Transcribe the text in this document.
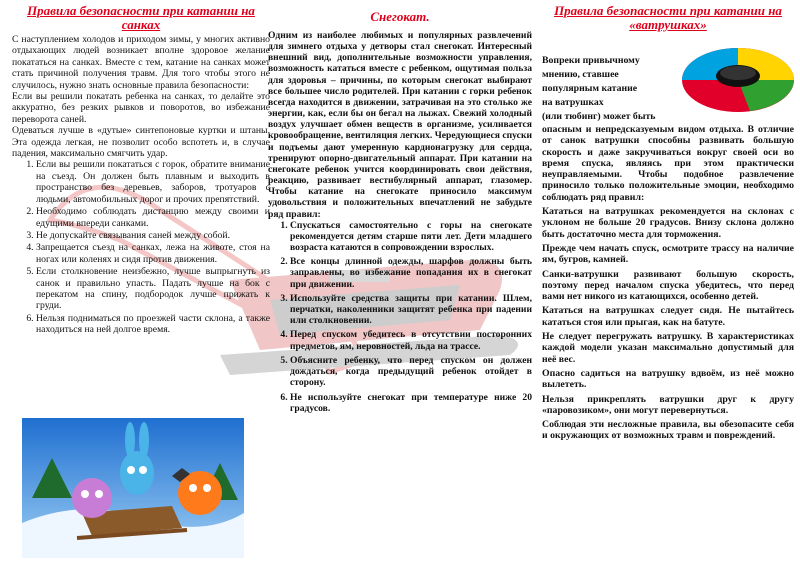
Правила безопасности при катании на санках

С наступлением холодов и приходом зимы, у многих активно отдыхающих людей возникает вполне здоровое желание покататься на санках. Вместе с тем, катание на санках может стать причиной получения травм. Для того чтобы этого не случилось, нужно знать основные правила безопасности:

Если вы решили покатать ребенка на санках, то делайте это аккуратно, без резких рывков и поворотов, во избежание переворота саней.

Одеваться лучше в «дутые» синтепоновые куртки и штаны. Эта одежда легкая, не позволит особо вспотеть и, в случае падения, максимально смягчить удар.

1. Если вы решили покататься с горок, обратите внимание на съезд. Он должен быть плавным и выходить в пространство без деревьев, заборов, тротуаров с людьми, автомобильных дорог и прочих препятствий.
2. Необходимо соблюдать дистанцию между своими и едущими впереди санками.
3. Не допускайте связывания саней между собой.
4. Запрещается съезд на санках, лежа на животе, стоя на ногах или коленях и сидя против движения.
5. Если столкновение неизбежно, лучше выпрыгнуть из санок и правильно упасть. Падать лучше на бок с перекатом на спину, подбородок лучше прижать к груди.
6. Нельзя подниматься по проезжей части склона, а также находиться на ней долгое время.
Снегокат.

Одним из наиболее любимых и популярных развлечений для зимнего отдыха у детворы стал снегокат. Интересный внешний вид, дополнительные возможности управления, возможность кататься вместе с ребенком, ощутимая польза для здоровья – причины, по которым снегокат выбирают все большее число родителей. При катании с горки ребенок всегда находится в движении, затрачивая на это столько же энергии, как, если бы он бегал на лыжах. Свежий холодный воздух улучшает обмен веществ в организме, усиливается кровообращение, вентиляция легких. Чередующиеся спуски и подъемы дают умеренную кардионагрузку для сердца, тренируют опорно-двигательный аппарат. При катании на снегокате ребенок учится координировать свои действия, реакцию, развивает вестибулярный аппарат, глазомер. Чтобы катание на снегокате приносило максимум удовольствия и положительных впечатлений не забудьте ряд правил:

1. Спускаться самостоятельно с горы на снегокате рекомендуется детям старше пяти лет. Дети младшего возраста катаются в сопровождении взрослых.
2. Все концы длинной одежды, шарфов должны быть заправлены, во избежание попадания их в снегокат при движении.
3. Используйте средства защиты при катании. Шлем, перчатки, наколенники защитят ребенка при падении или столкновении.
4. Перед спуском убедитесь в отсутствии посторонних предметов, ям, неровностей, льда на трассе.
5. Объясните ребенку, что перед спуском он должен дождаться, когда предыдущий ребенок отойдет в сторону.
6. Не используйте снегокат при температуре ниже 20 градусов.
Правила безопасности при катании на «ватрушках»
Вопреки привычному
мнению, ставшее
популярным катание
на ватрушках
(или тюбинг) может быть

опасным и непредсказуемым видом отдыха. В отличие от санок ватрушки способны развивать большую скорость и даже закручиваться вокруг своей оси во время спуска, являясь при этом практически неуправляемыми. Чтобы подобное развлечение приносило только положительные эмоции, необходимо соблюдать ряд правил:

Кататься на ватрушках рекомендуется на склонах с уклоном не больше 20 градусов. Внизу склона должно быть достаточно места для торможения.

Прежде чем начать спуск, осмотрите трассу на наличие ям, бугров, камней.

Санки-ватрушки развивают большую скорость, поэтому перед началом спуска убедитесь, что перед вами нет никого из катающихся, особенно детей.

Кататься на ватрушках следует сидя. Не пытайтесь кататься стоя или прыгая, как на батуте.

Не следует перегружать ватрушку. В характеристиках каждой модели указан максимально допустимый для неё вес.

Опасно садиться на ватрушку вдвоём, из неё можно вылететь.

Нельзя прикреплять ватрушки друг к другу «паровозиком», они могут перевернуться.

Соблюдая эти несложные правила, вы обезопасите себя и окружающих от возможных травм и повреждений.
